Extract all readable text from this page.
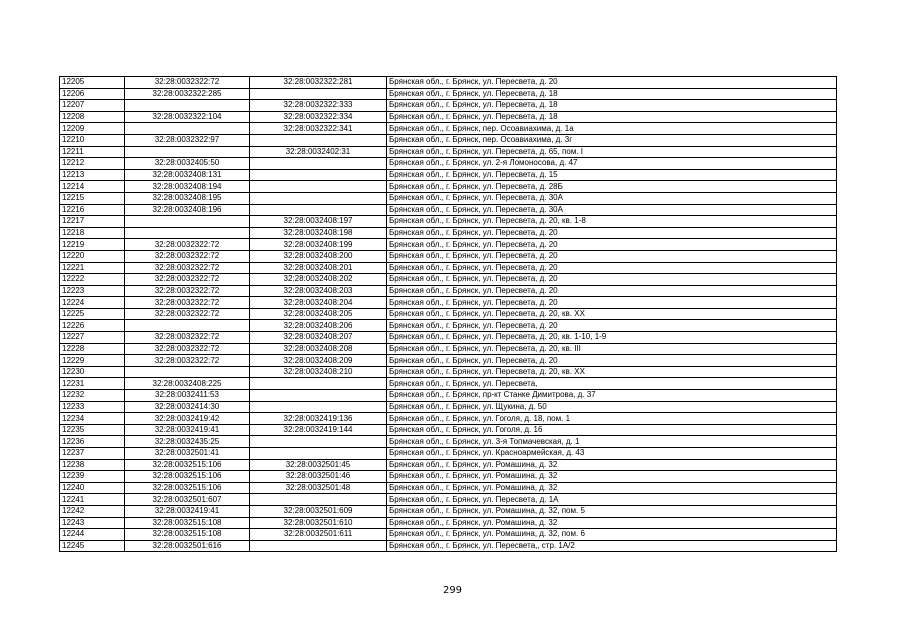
12205	32:28:0032322:72	32:28:0032322:281	Брянская обл., г. Брянск, ул. Пересвета, д. 20
12206	32:28:0032322:285		Брянская обл., г. Брянск, ул. Пересвета, д. 18
12207		32:28:0032322:333	Брянская обл., г. Брянск, ул. Пересвета, д. 18
12208	32:28:0032322:104	32:28:0032322:334	Брянская обл., г. Брянск, ул. Пересвета, д. 18
12209		32:28:0032322:341	Брянская обл., г. Брянск, пер. Осоавиахима, д. 1а
12210	32:28:0032322:97		Брянская обл., г. Брянск, пер. Осоавиахима, д. 3г
12211		32:28:0032402:31	Брянская обл., г. Брянск, ул. Пересвета, д. 65, пом. I
12212	32:28:0032405:50		Брянская обл., г. Брянск, ул. 2-я Ломоносова, д. 47
12213	32:28:0032408:131		Брянская обл., г. Брянск, ул. Пересвета, д. 15
12214	32:28:0032408:194		Брянская обл., г. Брянск, ул. Пересвета, д. 28Б
12215	32:28:0032408:195		Брянская обл., г. Брянск, ул. Пересвета, д. 30А
12216	32:28:0032408:196		Брянская обл., г. Брянск, ул. Пересвета, д. 30А
12217		32:28:0032408:197	Брянская обл., г. Брянск, ул. Пересвета, д. 20, кв. 1-8
12218		32:28:0032408:198	Брянская обл., г. Брянск, ул. Пересвета, д. 20
12219	32:28:0032322:72	32:28:0032408:199	Брянская обл., г. Брянск, ул. Пересвета, д. 20
12220	32:28:0032322:72	32:28:0032408:200	Брянская обл., г. Брянск, ул. Пересвета, д. 20
12221	32:28:0032322:72	32:28:0032408:201	Брянская обл., г. Брянск, ул. Пересвета, д. 20
12222	32:28:0032322:72	32:28:0032408:202	Брянская обл., г. Брянск, ул. Пересвета, д. 20
12223	32:28:0032322:72	32:28:0032408:203	Брянская обл., г. Брянск, ул. Пересвета, д. 20
12224	32:28:0032322:72	32:28:0032408:204	Брянская обл., г. Брянск, ул. Пересвета, д. 20
12225	32:28:0032322:72	32:28:0032408:205	Брянская обл., г. Брянск, ул. Пересвета, д. 20, кв. XX
12226		32:28:0032408:206	Брянская обл., г. Брянск, ул. Пересвета, д. 20
12227	32:28:0032322:72	32:28:0032408:207	Брянская обл., г. Брянск, ул. Пересвета, д. 20, кв. 1-10, 1-9
12228	32:28:0032322:72	32:28:0032408:208	Брянская обл., г. Брянск, ул. Пересвета, д. 20, кв. III
12229	32:28:0032322:72	32:28:0032408:209	Брянская обл., г. Брянск, ул. Пересвета, д. 20
12230		32:28:0032408:210	Брянская обл., г. Брянск, ул. Пересвета, д. 20, кв. XX
12231	32:28:0032408:225		Брянская обл., г. Брянск, ул. Пересвета,
12232	32:28:0032411:53		Брянская обл., г. Брянск, пр-кт Станке Димитрова, д. 37
12233	32:28:0032414:30		Брянская обл., г. Брянск, ул. Щукина, д. 50
12234	32:28:0032419:42	32:28:0032419:136	Брянская обл., г. Брянск, ул. Гоголя, д. 18, пом. 1
12235	32:28:0032419:41	32:28:0032419:144	Брянская обл., г. Брянск, ул. Гоголя, д. 16
12236	32:28:0032435:25		Брянская обл., г. Брянск, ул. 3-я Топмачевская, д. 1
12237	32:28:0032501:41		Брянская обл., г. Брянск, ул. Красноармейская, д. 43
12238	32:28:0032515:106	32:28:0032501:45	Брянская обл., г. Брянск, ул. Ромашина, д. 32
12239	32:28:0032515:106	32:28:0032501:46	Брянская обл., г. Брянск, ул. Ромашина, д. 32
12240	32:28:0032515:106	32:28:0032501:48	Брянская обл., г. Брянск, ул. Ромашина, д. 32
12241	32:28:0032501:607		Брянская обл., г. Брянск, ул. Пересвета, д. 1А
12242	32:28:0032419:41	32:28:0032501:609	Брянская обл., г. Брянск, ул. Ромашина, д. 32, пом. 5
12243	32:28:0032515:108	32:28:0032501:610	Брянская обл., г. Брянск, ул. Ромашина, д. 32
12244	32:28:0032515:108	32:28:0032501:611	Брянская обл., г. Брянск, ул. Ромашина, д. 32, пом. 6
12245	32:28:0032501:616		Брянская обл., г. Брянск, ул. Пересвета,, стр. 1А/2
299
